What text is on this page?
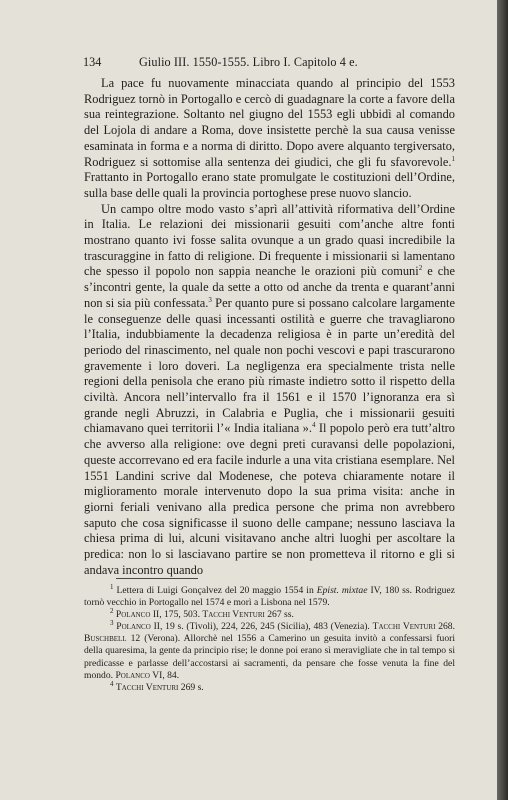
134	Giulio III. 1550-1555. Libro I. Capitolo 4 e.

La pace fu nuovamente minacciata quando al principio del 1553 Rodriguez tornò in Portogallo e cercò di guadagnare la corte a favore della sua reintegrazione. Soltanto nel giugno del 1553 egli ubbidì al comando del Lojola di andare a Roma, dove insistette perchè la sua causa venisse esaminata in forma e a norma di diritto. Dopo avere alquanto tergiversato, Rodriguez si sottomise alla sentenza dei giudici, che gli fu sfavorevole.$^1$ Frattanto in Portogallo erano state promulgate le costituzioni dell’Ordine, sulla base delle quali la provincia portoghese prese nuovo slancio.

Un campo oltre modo vasto s’aprì all’attività riformativa dell’Ordine in Italia. Le relazioni dei missionarii gesuiti com’anche altre fonti mostrano quanto ivi fosse salita ovunque a un grado quasi incredibile la trascuraggine in fatto di religione. Di frequente i missionarii si lamentano che spesso il popolo non sappia neanche le orazioni più comuni$^2$ e che s’incontri gente, la quale da sette a otto od anche da trenta e quarant’anni non si sia più confessata.$^3$ Per quanto pure si possano calcolare largamente le conseguenze delle quasi incessanti ostilità e guerre che travagliarono l’Italia, indubbiamente la decadenza religiosa è in parte un’eredità del periodo del rinascimento, nel quale non pochi vescovi e papi trascurarono gravemente i loro doveri. La negligenza era specialmente trista nelle regioni della penisola che erano più rimaste indietro sotto il rispetto della civiltà. Ancora nell’intervallo fra il 1561 e il 1570 l’ignoranza era sì grande negli Abruzzi, in Calabria e Puglia, che i missionarii gesuiti chiamavano quei territorii l’« India italiana ».$^4$ Il popolo però era tutt’altro che avverso alla religione: ove degni preti curavansi delle popolazioni, queste accorrevano ed era facile indurle a una vita cristiana esemplare. Nel 1551 Landini scrive dal Modenese, che poteva chiaramente notare il miglioramento morale intervenuto dopo la sua prima visita: anche in giorni feriali venivano alla predica persone che prima non avrebbero saputo che cosa significasse il suono delle campane; nessuno lasciava la chiesa prima di lui, alcuni visitavano anche altri luoghi per ascoltare la predica: non lo si lasciavano partire se non prometteva il ritorno e gli si andava incontro quando

$^1$ Lettera di Luigi Gonçalvez del 20 maggio 1554 in Epist. mixtae IV, 180 ss. Rodriguez tornò vecchio in Portogallo nel 1574 e morì a Lisbona nel 1579.

$^2$ Polanco II, 175, 503. Tacchi Venturi 267 ss.

$^3$ Polanco II, 19 s. (Tivoli), 224, 226, 245 (Sicilia), 483 (Venezia). Tacchi Venturi 268. Buschbell 12 (Verona). Allorchè nel 1556 a Camerino un gesuita invitò a confessarsi fuori della quaresima, la gente da principio rise; le donne poi erano sì meravigliate che in tal tempo si predicasse e parlasse dell’accostarsi ai sacramenti, da pensare che fosse venuta la fine del mondo. Polanco VI, 84.

$^4$ Tacchi Venturi 269 s.
